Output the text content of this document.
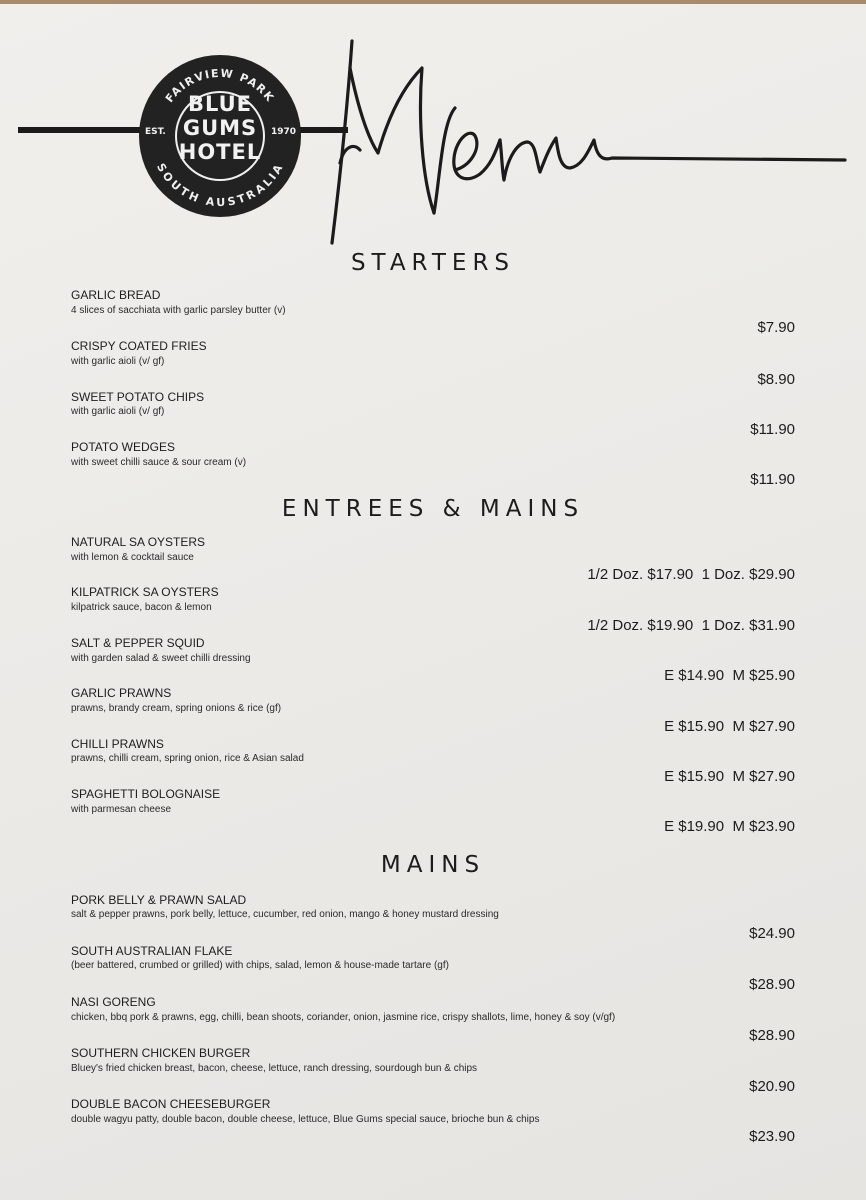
FAIRVIEW PARK
SOUTH AUSTRALIA
BLUE
GUMS
HOTEL
EST.	1970
STARTERS
ENTREES & MAINS
MAINS
GARLIC BREAD
4 slices of sacchiata with garlic parsley butter (v)
$7.90
CRISPY COATED FRIES
with garlic aioli (v/ gf)
$8.90
SWEET POTATO CHIPS
with garlic aioli (v/ gf)
$11.90
POTATO WEDGES
with sweet chilli sauce & sour cream (v)
$11.90
NATURAL SA OYSTERS
with lemon & cocktail sauce
1/2 Doz. $17.90  1 Doz. $29.90
KILPATRICK SA OYSTERS
kilpatrick sauce, bacon & lemon
1/2 Doz. $19.90  1 Doz. $31.90
SALT & PEPPER SQUID
with garden salad & sweet chilli dressing
E $14.90  M $25.90
GARLIC PRAWNS
prawns, brandy cream, spring onions & rice (gf)
E $15.90  M $27.90
CHILLI PRAWNS
prawns, chilli cream, spring onion, rice & Asian salad
E $15.90  M $27.90
SPAGHETTI BOLOGNAISE
with parmesan cheese
E $19.90  M $23.90
PORK BELLY & PRAWN SALAD
salt & pepper prawns, pork belly, lettuce, cucumber, red onion, mango & honey mustard dressing
$24.90
SOUTH AUSTRALIAN FLAKE
(beer battered, crumbed or grilled) with chips, salad, lemon & house-made tartare (gf)
$28.90
NASI GORENG
chicken, bbq pork & prawns, egg, chilli, bean shoots, coriander, onion, jasmine rice, crispy shallots, lime, honey & soy (v/gf)
$28.90
SOUTHERN CHICKEN BURGER
Bluey's fried chicken breast, bacon, cheese, lettuce, ranch dressing, sourdough bun & chips
$20.90
DOUBLE BACON CHEESEBURGER
double wagyu patty, double bacon, double cheese, lettuce, Blue Gums special sauce, brioche bun & chips
$23.90
